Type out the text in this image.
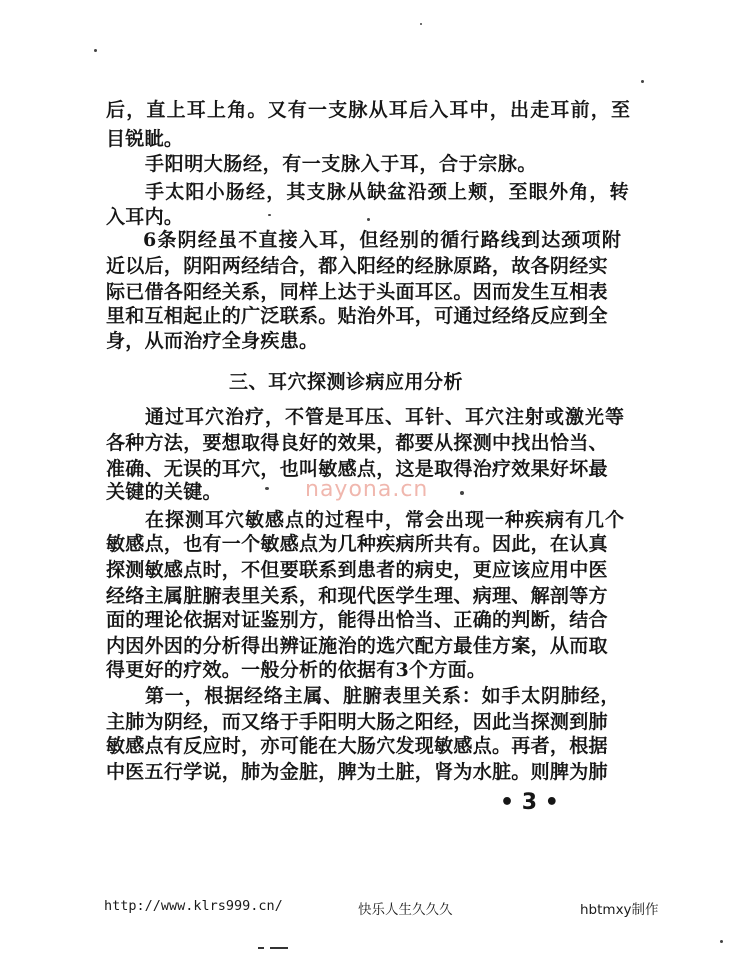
后，直上耳上角。又有一支脉从耳后入耳中，出走耳前，至
目锐眦。
手阳明大肠经，有一支脉入于耳，合于宗脉。
手太阳小肠经，其支脉从缺盆沿颈上颊，至眼外角，转
入耳内。
6条阴经虽不直接入耳，但经别的循行路线到达颈项附
近以后，阴阳两经结合，都入阳经的经脉原路，故各阴经实
际已借各阳经关系，同样上达于头面耳区。因而发生互相表
里和互相起止的广泛联系。贴治外耳，可通过经络反应到全
身，从而治疗全身疾患。
三、耳穴探测诊病应用分析
通过耳穴治疗，不管是耳压、耳针、耳穴注射或激光等
各种方法，要想取得良好的效果，都要从探测中找出恰当、
准确、无误的耳穴，也叫敏感点，这是取得治疗效果好坏最
关键的关键。
在探测耳穴敏感点的过程中，常会出现一种疾病有几个
敏感点，也有一个敏感点为几种疾病所共有。因此，在认真
探测敏感点时，不但要联系到患者的病史，更应该应用中医
经络主属脏腑表里关系，和现代医学生理、病理、解剖等方
面的理论依据对证鉴别方，能得出恰当、正确的判断，结合
内因外因的分析得出辨证施治的选穴配方最佳方案，从而取
得更好的疗效。一般分析的依据有3个方面。
第一，根据经络主属、脏腑表里关系：如手太阴肺经，
主肺为阴经，而又络于手阳明大肠之阳经，因此当探测到肺
敏感点有反应时，亦可能在大肠穴发现敏感点。再者，根据
中医五行学说，肺为金脏，脾为土脏，肾为水脏。则脾为肺
• 3 •
nayona.cn
http://www.klrs999.cn/	快乐人生久久久	hbtmxy制作
